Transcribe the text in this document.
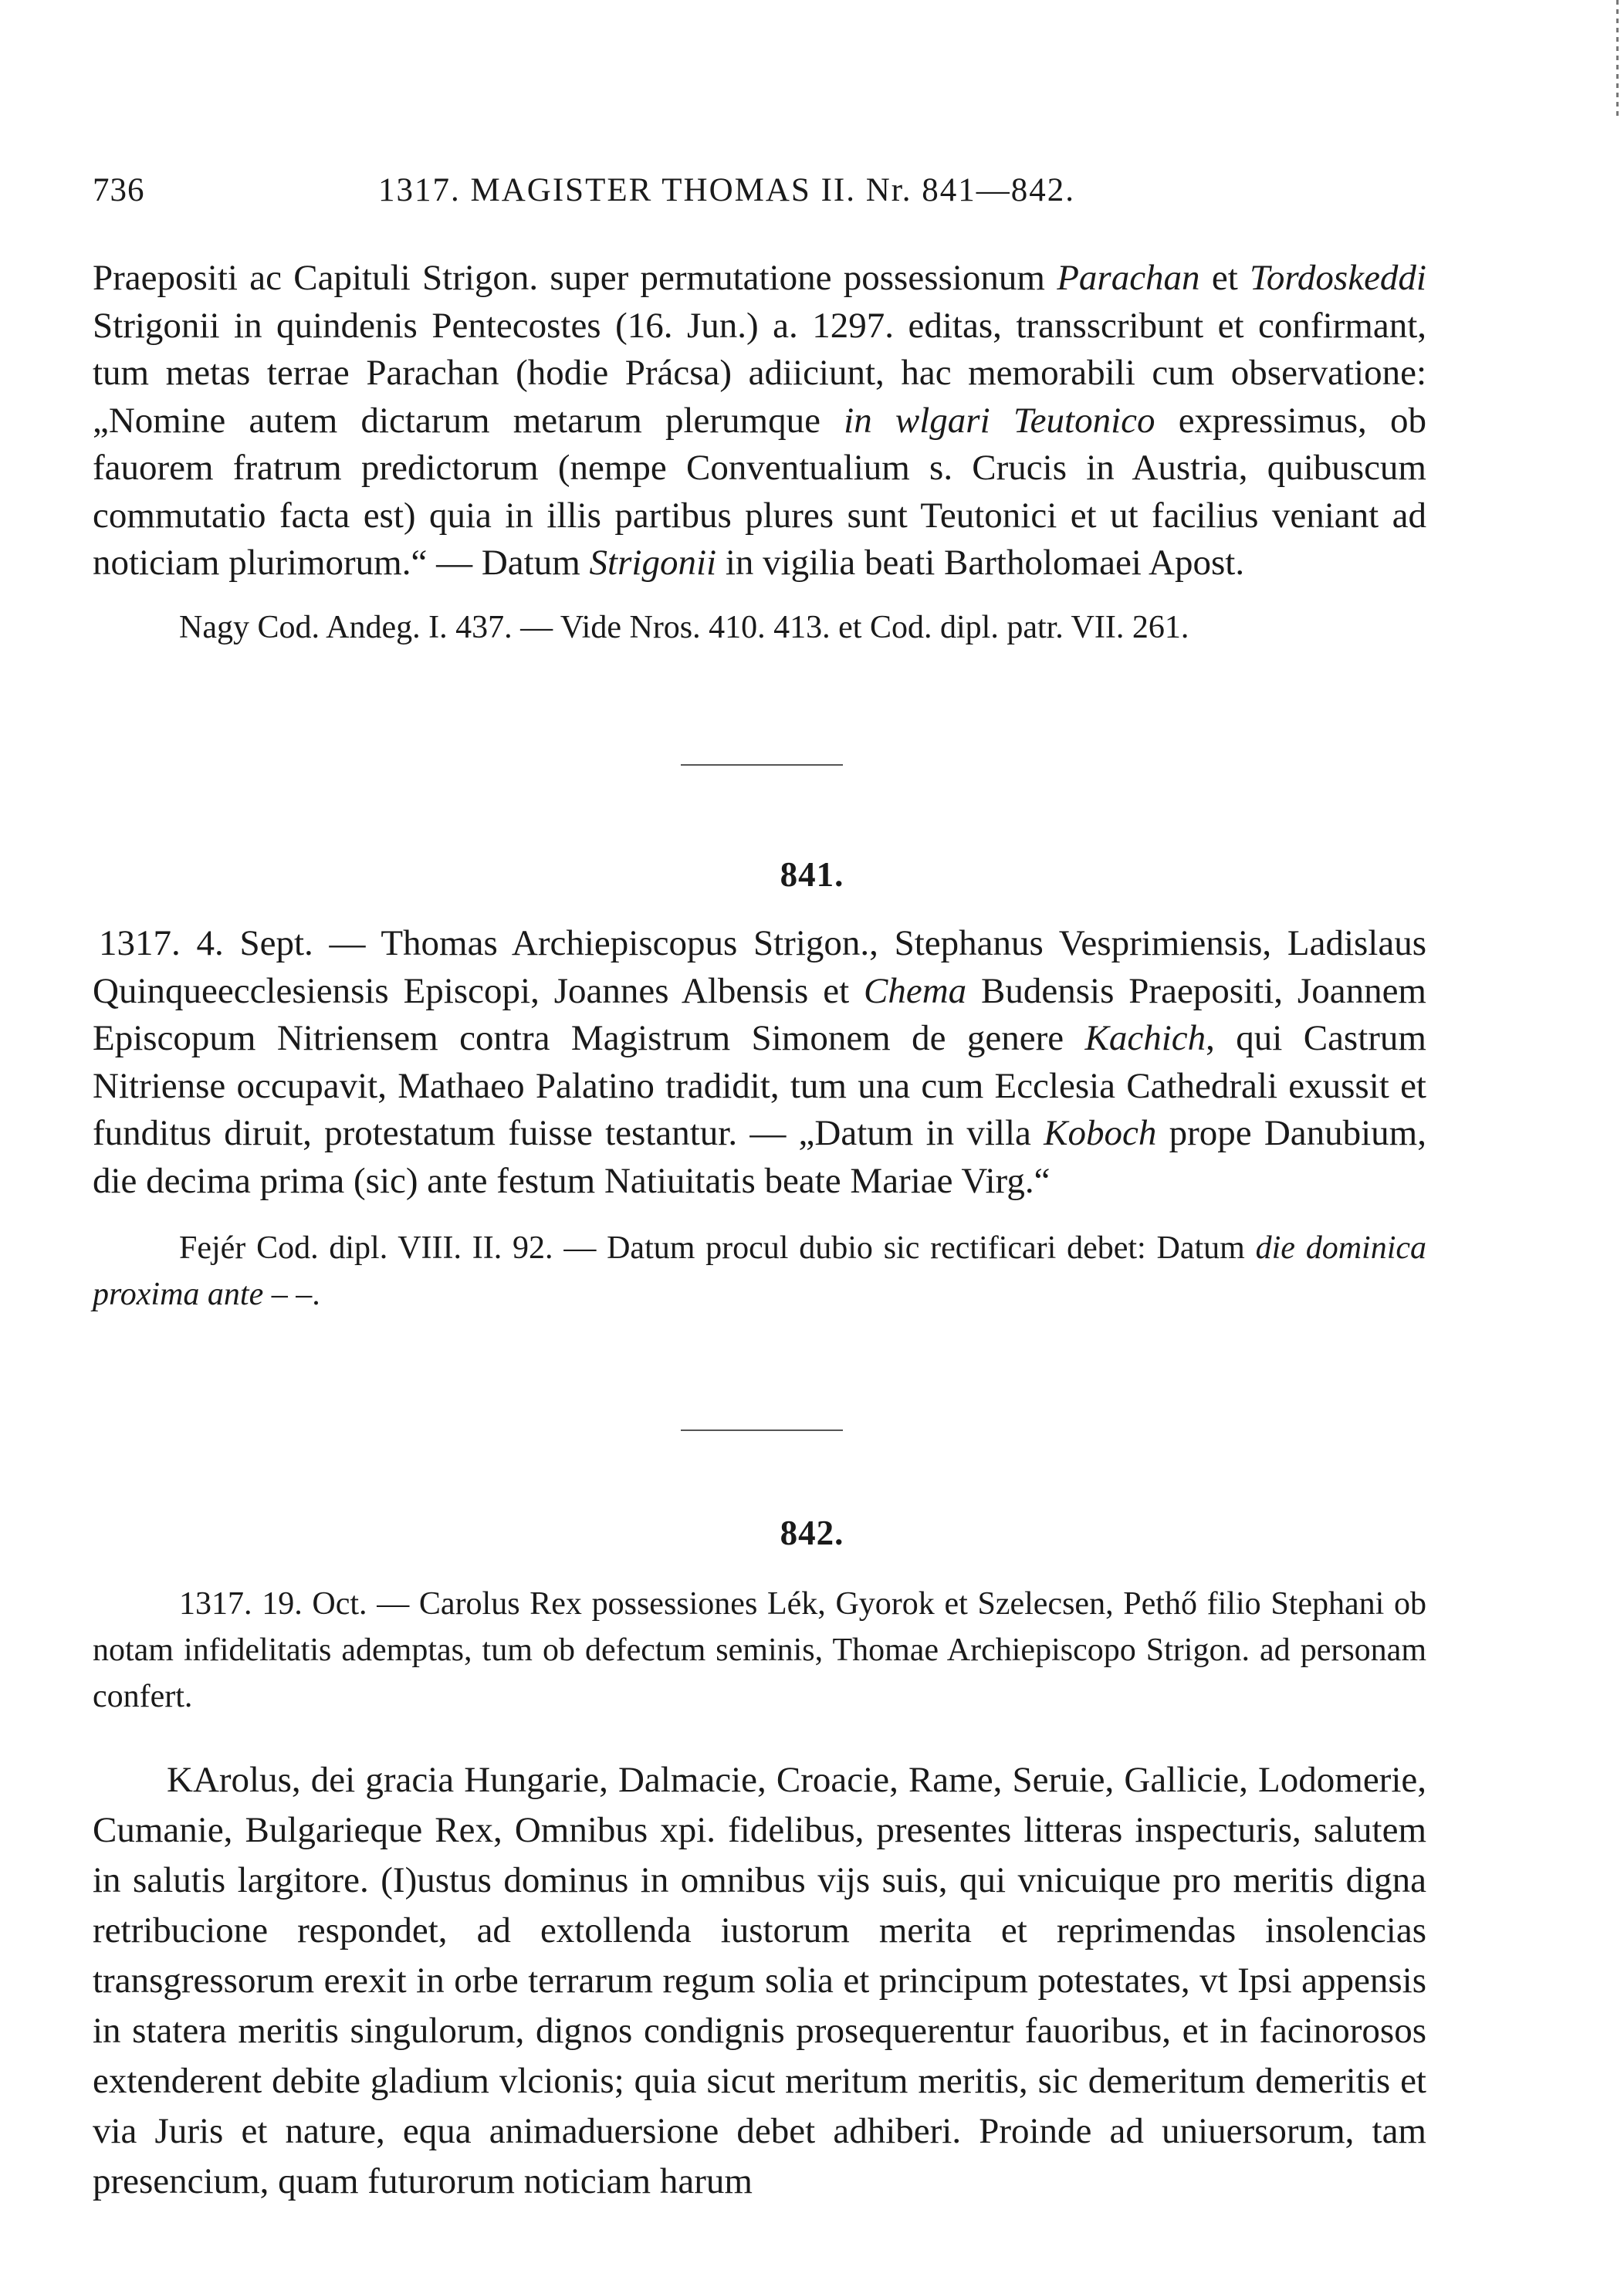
736	1317. MAGISTER THOMAS II. Nr. 841—842.

Praepositi ac Capituli Strigon. super permutatione possessionum Parachan et Tordoskeddi Strigonii in quindenis Pentecostes (16. Jun.) a. 1297. editas, transscribunt et confirmant, tum metas terrae Parachan (hodie Prácsa) adiiciunt, hac memorabili cum observatione: „Nomine autem dictarum metarum plerumque in wlgari Teutonico expressimus, ob fauorem fratrum predictorum (nempe Conventualium s. Crucis in Austria, quibuscum commutatio facta est) quia in illis partibus plures sunt Teutonici et ut facilius veniant ad noticiam plurimorum.“ — Datum Strigonii in vigilia beati Bartholomaei Apost.

Nagy Cod. Andeg. I. 437. — Vide Nros. 410. 413. et Cod. dipl. patr. VII. 261.

841.

1317. 4. Sept. — Thomas Archiepiscopus Strigon., Stephanus Vesprimiensis, Ladislaus Quinqueecclesiensis Episcopi, Joannes Albensis et Chema Budensis Praepositi, Joannem Episcopum Nitriensem contra Magistrum Simonem de genere Kachich, qui Castrum Nitriense occupavit, Mathaeo Palatino tradidit, tum una cum Ecclesia Cathedrali exussit et funditus diruit, protestatum fuisse testantur. — „Datum in villa Koboch prope Danubium, die decima prima (sic) ante festum Natiuitatis beate Mariae Virg.“

Fejér Cod. dipl. VIII. II. 92. — Datum procul dubio sic rectificari debet: Datum die dominica proxima ante – –.

842.

1317. 19. Oct. — Carolus Rex possessiones Lék, Gyorok et Szelecsen, Pethő filio Stephani ob notam infidelitatis ademptas, tum ob defectum seminis, Thomae Archiepiscopo Strigon. ad personam confert.

KArolus, dei gracia Hungarie, Dalmacie, Croacie, Rame, Seruie, Gallicie, Lodomerie, Cumanie, Bulgarieque Rex, Omnibus xpi. fidelibus, presentes litteras inspecturis, salutem in salutis largitore. (I)ustus dominus in omnibus vijs suis, qui vnicuique pro meritis digna retribucione respondet, ad extollenda iustorum merita et reprimendas insolencias transgressorum erexit in orbe terrarum regum solia et principum potestates, vt Ipsi appensis in statera meritis singulorum, dignos condignis prosequerentur fauoribus, et in facinorosos extenderent debite gladium vlcionis; quia sicut meritum meritis, sic demeritum demeritis et via Juris et nature, equa animaduersione debet adhiberi. Proinde ad uniuersorum, tam presencium, quam futurorum noticiam harum
